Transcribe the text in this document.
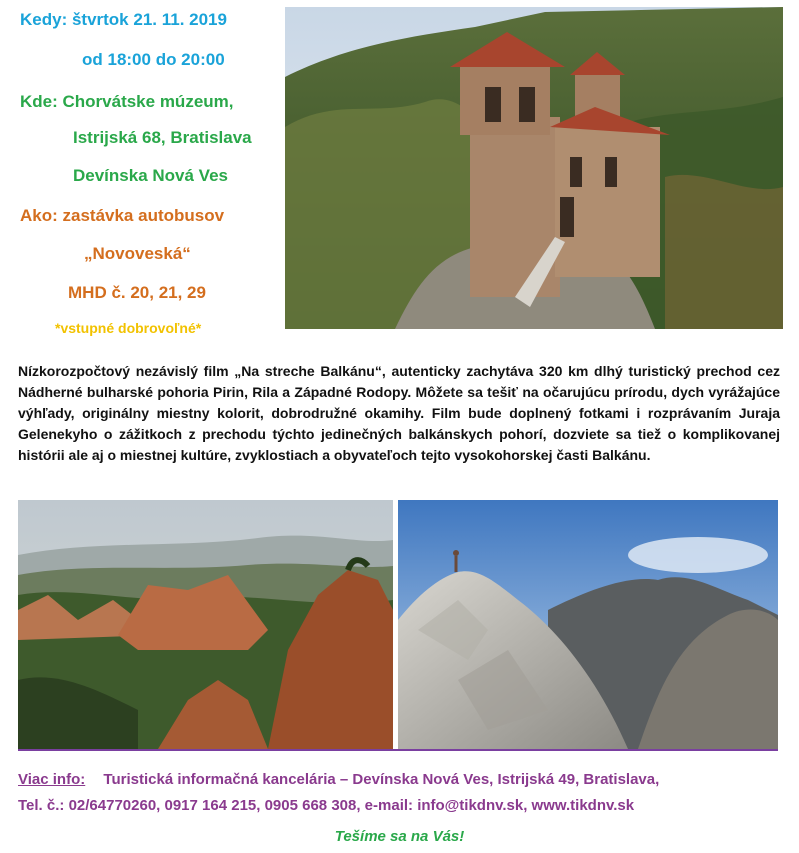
Kedy: štvrtok 21. 11. 2019
od 18:00 do 20:00
Kde: Chorvátske múzeum,
Istrijská 68, Bratislava
Devínska Nová Ves
Ako: zastávka autobusov
„Novoveská“
MHD č. 20, 21, 29
*vstupné dobrovoľné*
Nízkorozpočtový nezávislý film „Na streche Balkánu“, autenticky zachytáva 320 km dlhý turistický prechod cez Nádherné bulharské pohoria Pirin, Rila a Západné Rodopy. Môžete sa tešiť na očarujúcu prírodu, dych vyrážajúce výhľady, originálny miestny kolorit, dobrodružné okamihy. Film bude doplnený fotkami i rozprávaním Juraja Gelenekyho o zážitkoch z prechodu týchto jedinečných balkánskych pohorí, dozviete sa tiež o komplikovanej histórii ale aj o miestnej kultúre, zvyklostiach a obyvateľoch tejto vysokohorskej časti Balkánu.
Viac info: Turistická informačná kancelária – Devínska Nová Ves, Istrijská 49, Bratislava,
Tel. č.: 02/64770260, 0917 164 215, 0905 668 308, e-mail: info@tikdnv.sk, www.tikdnv.sk
Tešíme sa na Vás!
